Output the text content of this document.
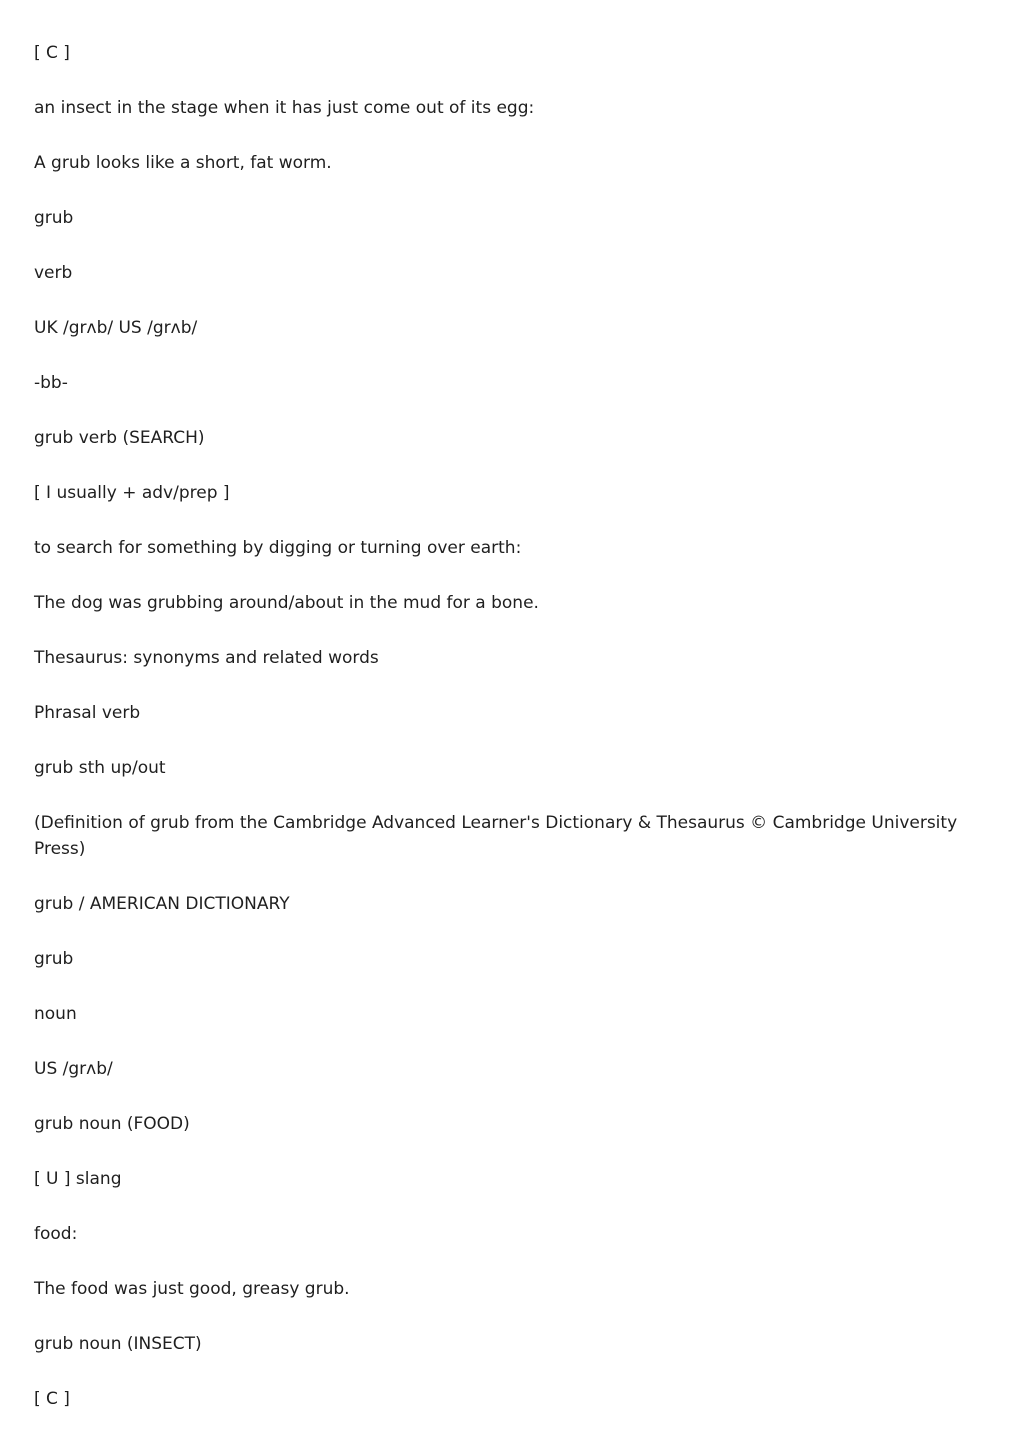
[ C ]

an insect in the stage when it has just come out of its egg:

A grub looks like a short, fat worm.

grub

verb

UK /grʌb/ US /grʌb/

-bb-

grub verb (SEARCH)

[ I usually + adv/prep ]

to search for something by digging or turning over earth:

The dog was grubbing around/about in the mud for a bone.

Thesaurus: synonyms and related words

Phrasal verb

grub sth up/out

(Definition of grub from the Cambridge Advanced Learner's Dictionary & Thesaurus © Cambridge University Press)

grub / AMERICAN DICTIONARY

grub

noun

US /grʌb/

grub noun (FOOD)

[ U ] slang

food:

The food was just good, greasy grub.

grub noun (INSECT)

[ C ]
